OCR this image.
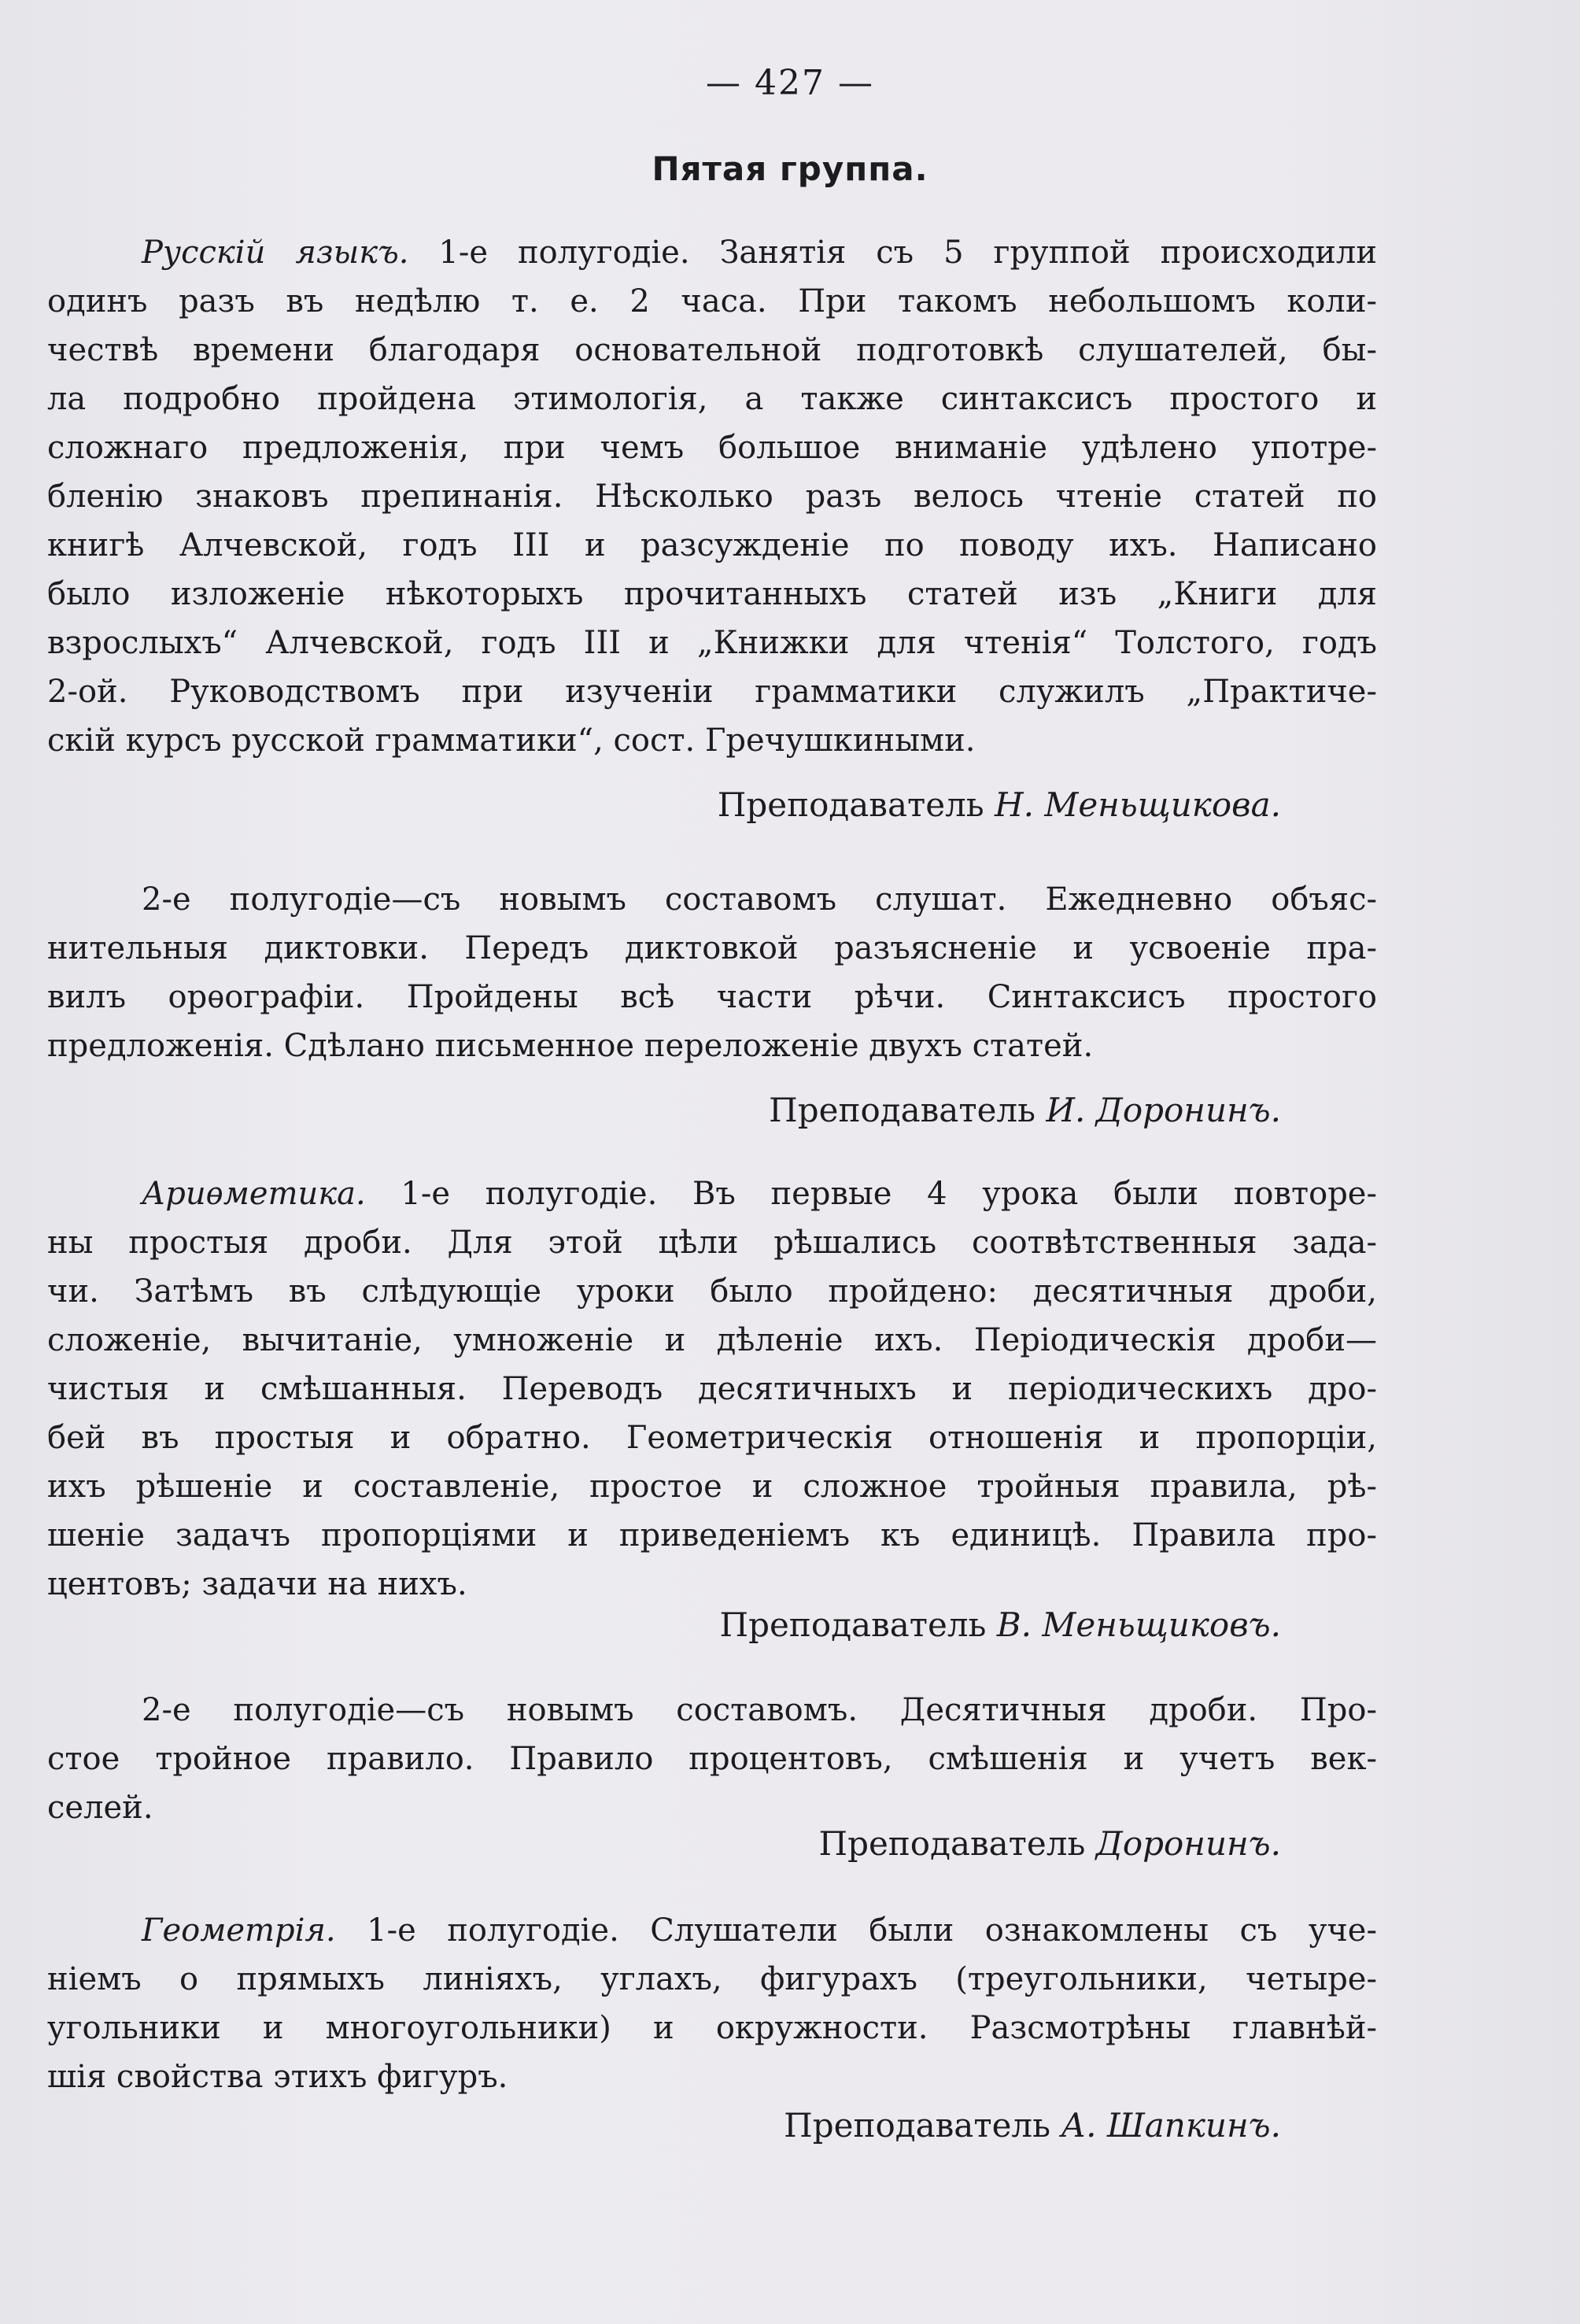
— 427 —
Пятая группа.
Русскій языкъ. 1-е полугодіе. Занятія съ 5 группой происходили
одинъ разъ въ недѣлю т. е. 2 часа. При такомъ небольшомъ коли-
чествѣ времени благодаря основательной подготовкѣ слушателей, бы-
ла подробно пройдена этимологія, а также синтаксисъ простого и
сложнаго предложенія, при чемъ большое вниманіе удѣлено употре-
бленію знаковъ препинанія. Нѣсколько разъ велось чтеніе статей по
книгѣ Алчевской, годъ III и разсужденіе по поводу ихъ. Написано
было изложеніе нѣкоторыхъ прочитанныхъ статей изъ „Книги для
взрослыхъ“ Алчевской, годъ III и „Книжки для чтенія“ Толстого, годъ
2-ой. Руководствомъ при изученіи грамматики служилъ „Практиче-
скій курсъ русской грамматики“, сост. Гречушкиными.
Преподаватель Н. Меньщикова.
2-е полугодіе—съ новымъ составомъ слушат. Ежедневно объяс-
нительныя диктовки. Передъ диктовкой разъясненіе и усвоеніе пра-
вилъ орѳографіи. Пройдены всѣ части рѣчи. Синтаксисъ простого
предложенія. Сдѣлано письменное переложеніе двухъ статей.
Преподаватель И. Доронинъ.
Ариѳметика. 1-е полугодіе. Въ первые 4 урока были повторе-
ны простыя дроби. Для этой цѣли рѣшались соотвѣтственныя зада-
чи. Затѣмъ въ слѣдующіе уроки было пройдено: десятичныя дроби,
сложеніе, вычитаніе, умноженіе и дѣленіе ихъ. Періодическія дроби—
чистыя и смѣшанныя. Переводъ десятичныхъ и періодическихъ дро-
бей въ простыя и обратно. Геометрическія отношенія и пропорціи,
ихъ рѣшеніе и составленіе, простое и сложное тройныя правила, рѣ-
шеніе задачъ пропорціями и приведеніемъ къ единицѣ. Правила про-
центовъ; задачи на нихъ.
Преподаватель В. Меньщиковъ.
2-е полугодіе—съ новымъ составомъ. Десятичныя дроби. Про-
стое тройное правило. Правило процентовъ, смѣшенія и учетъ век-
селей.
Преподаватель Доронинъ.
Геометрія. 1-е полугодіе. Слушатели были ознакомлены съ уче-
ніемъ о прямыхъ линіяхъ, углахъ, фигурахъ (треугольники, четыре-
угольники и многоугольники) и окружности. Разсмотрѣны главнѣй-
шія свойства этихъ фигуръ.
Преподаватель А. Шапкинъ.
